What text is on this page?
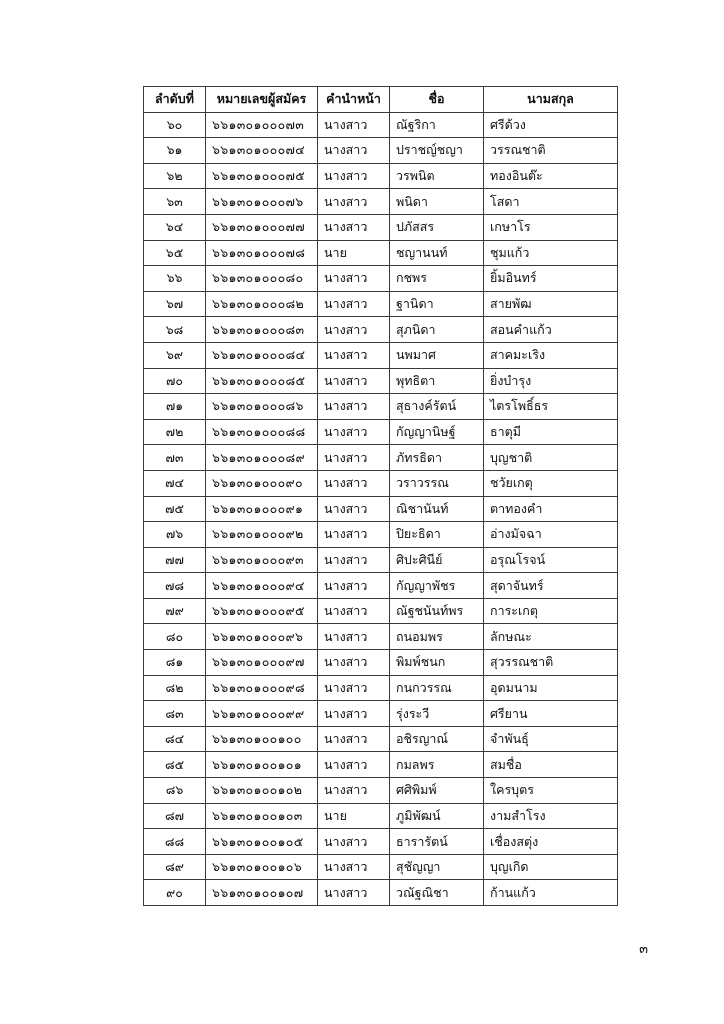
ลำดับที่	หมายเลขผู้สมัคร	คำนำหน้า	ชื่อ	นามสกุล
๖๐	๖๖๑๓๐๑๐๐๐๗๓	นางสาว	ณัฐริกา	ศรีด้วง
๖๑	๖๖๑๓๐๑๐๐๐๗๔	นางสาว	ปราชญ์ชญา	วรรณชาติ
๖๒	๖๖๑๓๐๑๐๐๐๗๕	นางสาว	วรพนิต	ทองอินต๊ะ
๖๓	๖๖๑๓๐๑๐๐๐๗๖	นางสาว	พนิดา	โสดา
๖๔	๖๖๑๓๐๑๐๐๐๗๗	นางสาว	ปภัสสร	เกษาโร
๖๕	๖๖๑๓๐๑๐๐๐๗๘	นาย	ชญานนท์	ชุมแก้ว
๖๖	๖๖๑๓๐๑๐๐๐๘๐	นางสาว	กชพร	ยิ้มอินทร์
๖๗	๖๖๑๓๐๑๐๐๐๘๒	นางสาว	ฐานิดา	สายพัฒ
๖๘	๖๖๑๓๐๑๐๐๐๘๓	นางสาว	สุภนิดา	สอนคำแก้ว
๖๙	๖๖๑๓๐๑๐๐๐๘๔	นางสาว	นพมาศ	สาคมะเริง
๗๐	๖๖๑๓๐๑๐๐๐๘๕	นางสาว	พุทธิตา	ยิ่งบำรุง
๗๑	๖๖๑๓๐๑๐๐๐๘๖	นางสาว	สุธางค์รัตน์	ไตรโพธิ์ธร
๗๒	๖๖๑๓๐๑๐๐๐๘๘	นางสาว	กัญญานิษฐ์	ธาตุมี
๗๓	๖๖๑๓๐๑๐๐๐๘๙	นางสาว	ภัทรธิดา	บุญชาติ
๗๔	๖๖๑๓๐๑๐๐๐๙๐	นางสาว	วราวรรณ	ชวัยเกตุ
๗๕	๖๖๑๓๐๑๐๐๐๙๑	นางสาว	ณิชานันท์	ตาทองคำ
๗๖	๖๖๑๓๐๑๐๐๐๙๒	นางสาว	ปิยะธิดา	อ่างมัจฉา
๗๗	๖๖๑๓๐๑๐๐๐๙๓	นางสาว	ศิปะศินีย์	อรุณโรจน์
๗๘	๖๖๑๓๐๑๐๐๐๙๔	นางสาว	กัญญาพัชร	สุดาจันทร์
๗๙	๖๖๑๓๐๑๐๐๐๙๕	นางสาว	ณัฐชนันท์พร	การะเกตุ
๘๐	๖๖๑๓๐๑๐๐๐๙๖	นางสาว	ถนอมพร	ลักษณะ
๘๑	๖๖๑๓๐๑๐๐๐๙๗	นางสาว	พิมพ์ชนก	สุวรรณชาติ
๘๒	๖๖๑๓๐๑๐๐๐๙๘	นางสาว	กนกวรรณ	อุดมนาม
๘๓	๖๖๑๓๐๑๐๐๐๙๙	นางสาว	รุ่งระวี	ศรียาน
๘๔	๖๖๑๓๐๑๐๐๑๐๐	นางสาว	อชิรญาณ์	จำพันธุ์
๘๕	๖๖๑๓๐๑๐๐๑๐๑	นางสาว	กมลพร	สมชื่อ
๘๖	๖๖๑๓๐๑๐๐๑๐๒	นางสาว	ศศิพิมพ์	ใครบุตร
๘๗	๖๖๑๓๐๑๐๐๑๐๓	นาย	ภูมิพัฒน์	งามสำโรง
๘๘	๖๖๑๓๐๑๐๐๑๐๕	นางสาว	ธารารัตน์	เชื่องสตุ่ง
๘๙	๖๖๑๓๐๑๐๐๑๐๖	นางสาว	สุชัญญา	บุญเกิด
๙๐	๖๖๑๓๐๑๐๐๑๐๗	นางสาว	วณัฐณิชา	ก้านแก้ว
๓
